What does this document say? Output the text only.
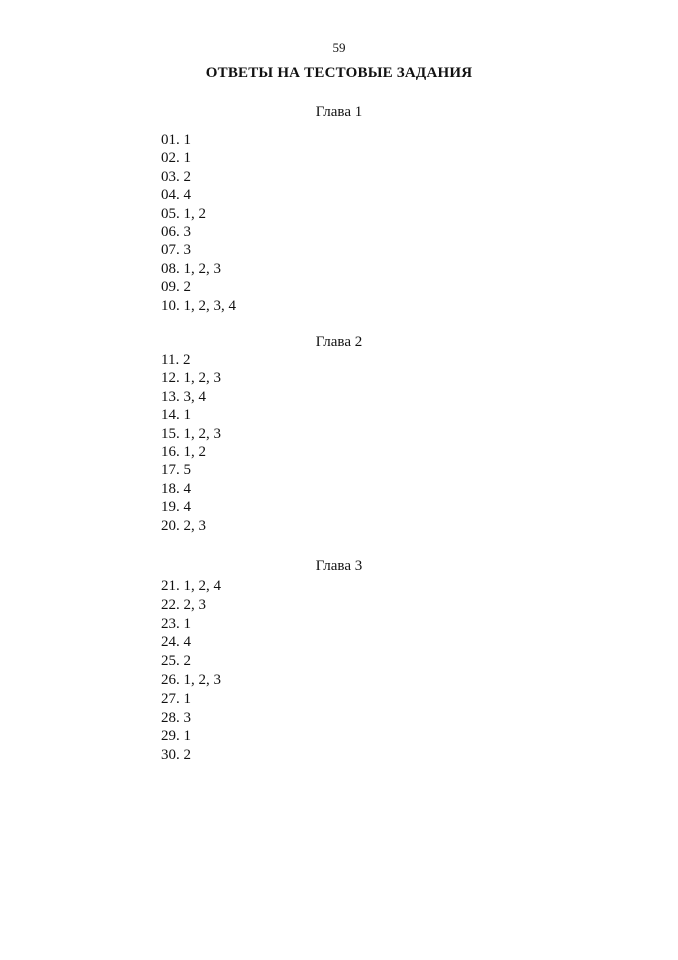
59
ОТВЕТЫ НА ТЕСТОВЫЕ ЗАДАНИЯ
Глава 1
01. 1
02. 1
03. 2
04. 4
05. 1, 2
06. 3
07. 3
08. 1, 2, 3
09. 2
10. 1, 2, 3, 4
Глава 2
11. 2
12. 1, 2, 3
13. 3, 4
14. 1
15. 1, 2, 3
16. 1, 2
17. 5
18. 4
19. 4
20. 2, 3
Глава 3
21. 1, 2, 4
22. 2, 3
23. 1
24. 4
25. 2
26. 1, 2, 3
27. 1
28. 3
29. 1
30. 2
